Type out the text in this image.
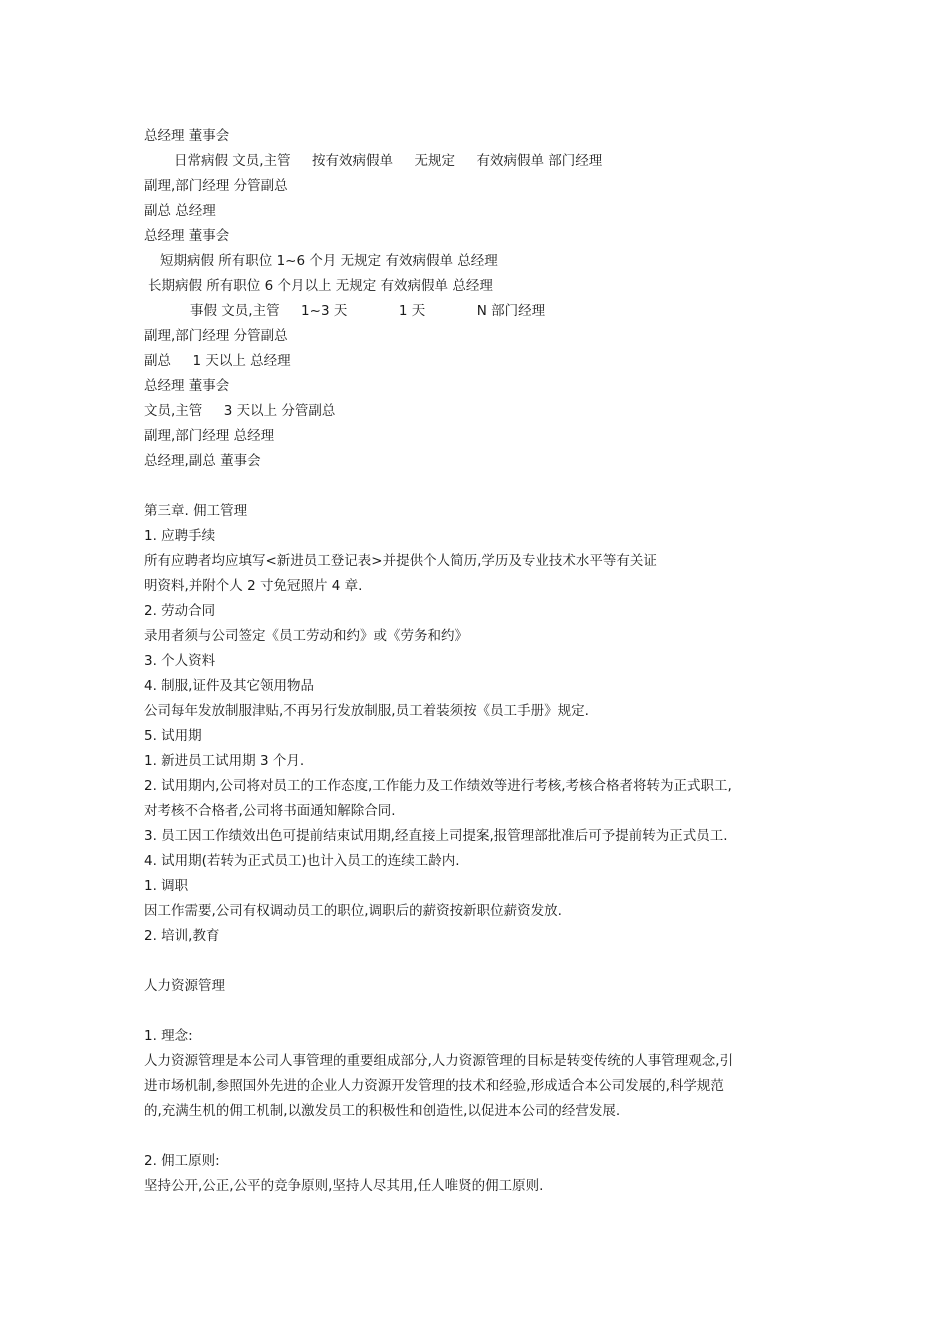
总经理 董事会
日常病假 文员,主管     按有效病假单     无规定     有效病假单 部门经理
副理,部门经理 分管副总
副总 总经理
总经理 董事会
短期病假 所有职位 1~6 个月 无规定 有效病假单 总经理
长期病假 所有职位 6 个月以上 无规定 有效病假单 总经理
事假 文员,主管     1~3 天            1 天            N 部门经理
副理,部门经理 分管副总
副总     1 天以上 总经理
总经理 董事会
文员,主管     3 天以上 分管副总
副理,部门经理 总经理
总经理,副总 董事会
第三章. 佣工管理
1. 应聘手续
所有应聘者均应填写<新进员工登记表>并提供个人简历,学历及专业技术水平等有关证
明资料,并附个人 2 寸免冠照片 4 章.
2. 劳动合同
录用者须与公司签定《员工劳动和约》或《劳务和约》
3. 个人资料
4. 制服,证件及其它领用物品
公司每年发放制服津贴,不再另行发放制服,员工着装须按《员工手册》规定.
5. 试用期
1. 新进员工试用期 3 个月.
2. 试用期内,公司将对员工的工作态度,工作能力及工作绩效等进行考核,考核合格者将转为正式职工,
对考核不合格者,公司将书面通知解除合同.
3. 员工因工作绩效出色可提前结束试用期,经直接上司提案,报管理部批准后可予提前转为正式员工.
4. 试用期(若转为正式员工)也计入员工的连续工龄内.
1. 调职
因工作需要,公司有权调动员工的职位,调职后的薪资按新职位薪资发放.
2. 培训,教育
人力资源管理
1. 理念:
人力资源管理是本公司人事管理的重要组成部分,人力资源管理的目标是转变传统的人事管理观念,引
进市场机制,参照国外先进的企业人力资源开发管理的技术和经验,形成适合本公司发展的,科学规范
的,充满生机的佣工机制,以激发员工的积极性和创造性,以促进本公司的经营发展.
2. 佣工原则:
坚持公开,公正,公平的竞争原则,坚持人尽其用,任人唯贤的佣工原则.
